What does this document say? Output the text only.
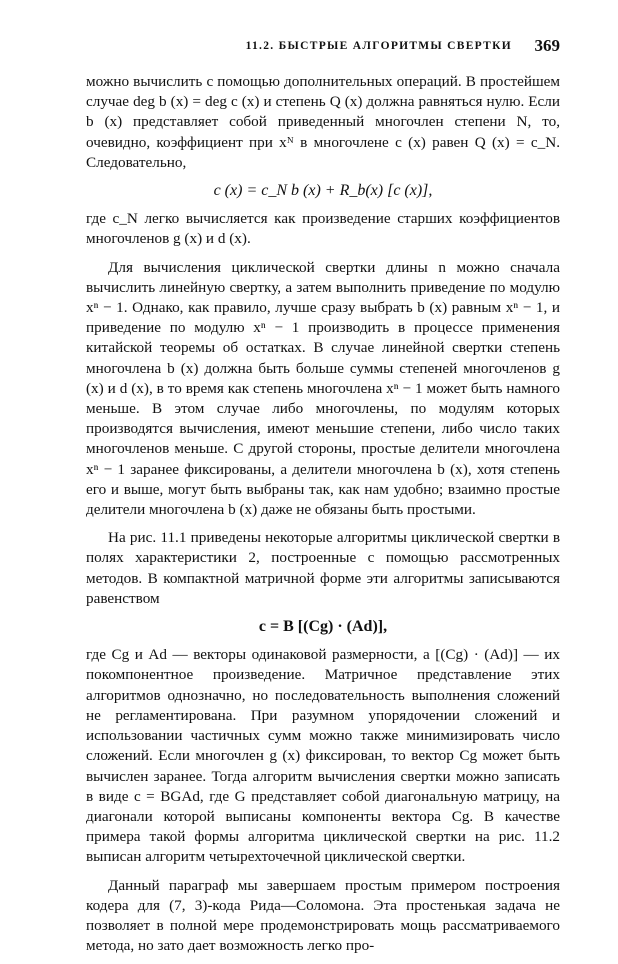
11.2. БЫСТРЫЕ АЛГОРИТМЫ СВЕРТКИ 369

можно вычислить с помощью дополнительных операций. В простейшем случае deg b (x) = deg c (x) и степень Q (x) должна равняться нулю. Если b (x) представляет собой приведенный многочлен степени N, то, очевидно, коэффициент при xᴺ в многочлене c (x) равен Q (x) = c_N. Следовательно,

c (x) = c_N b (x) + R_b(x) [c (x)],

где c_N легко вычисляется как произведение старших коэффициентов многочленов g (x) и d (x).

Для вычисления циклической свертки длины n можно сначала вычислить линейную свертку, а затем выполнить приведение по модулю xⁿ − 1. Однако, как правило, лучше сразу выбрать b (x) равным xⁿ − 1, и приведение по модулю xⁿ − 1 производить в процессе применения китайской теоремы об остатках. В случае линейной свертки степень многочлена b (x) должна быть больше суммы степеней многочленов g (x) и d (x), в то время как степень многочлена xⁿ − 1 может быть намного меньше. В этом случае либо многочлены, по модулям которых производятся вычисления, имеют меньшие степени, либо число таких многочленов меньше. С другой стороны, простые делители многочлена xⁿ − 1 заранее фиксированы, а делители многочлена b (x), хотя степень его и выше, могут быть выбраны так, как нам удобно; взаимно простые делители многочлена b (x) даже не обязаны быть простыми.

На рис. 11.1 приведены некоторые алгоритмы циклической свертки в полях характеристики 2, построенные с помощью рассмотренных методов. В компактной матричной форме эти алгоритмы записываются равенством

c = B [(Cg) · (Ad)],

где Cg и Ad — векторы одинаковой размерности, а [(Cg) · (Ad)] — их покомпонентное произведение. Матричное представление этих алгоритмов однозначно, но последовательность выполнения сложений не регламентирована. При разумном упорядочении сложений и использовании частичных сумм можно также минимизировать число сложений. Если многочлен g (x) фиксирован, то вектор Cg может быть вычислен заранее. Тогда алгоритм вычисления свертки можно записать в виде c = BGAd, где G представляет собой диагональную матрицу, на диагонали которой выписаны компоненты вектора Cg. В качестве примера такой формы алгоритма циклической свертки на рис. 11.2 выписан алгоритм четырехточечной циклической свертки.

Данный параграф мы завершаем простым примером построения кодера для (7, 3)-кода Рида—Соломона. Эта простенькая задача не позволяет в полной мере продемонстрировать мощь рассматриваемого метода, но зато дает возможность легко про-
